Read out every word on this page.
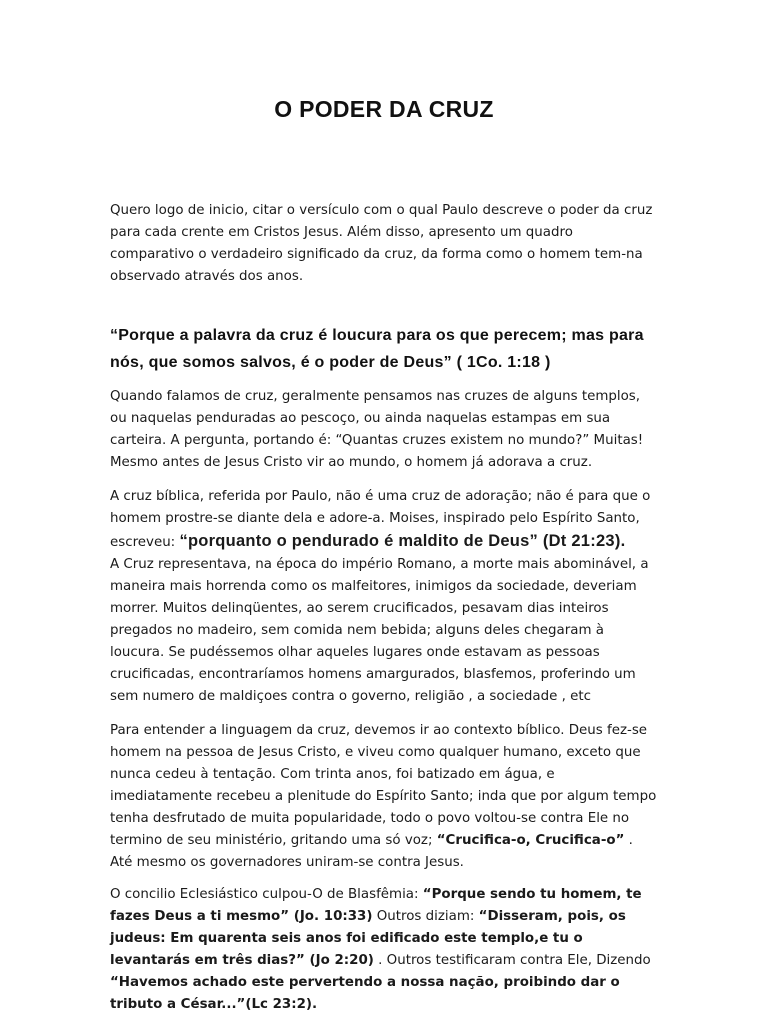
O PODER DA CRUZ

Quero logo de inicio, citar o versículo com o qual Paulo descreve o poder da cruz para cada crente em Cristos Jesus. Além disso, apresento um quadro comparativo o verdadeiro significado da cruz, da forma como o homem tem-na observado através dos anos.

“Porque a palavra da cruz é loucura para os que perecem; mas para nós, que somos salvos, é o poder de Deus” ( 1Co. 1:18 )

Quando falamos de cruz, geralmente pensamos nas cruzes de alguns templos, ou naquelas penduradas ao pescoço, ou ainda naquelas estampas em sua carteira. A pergunta, portando é: “Quantas cruzes existem no mundo?” Muitas! Mesmo antes de Jesus Cristo vir ao mundo, o homem já adorava a cruz.

A cruz bíblica, referida por Paulo, não é uma cruz de adoração; não é para que o homem prostre-se diante dela e adore-a. Moises, inspirado pelo Espírito Santo, escreveu: “porquanto o pendurado é maldito de Deus” (Dt 21:23).
A Cruz representava, na época do império Romano, a morte mais abominável, a maneira mais horrenda como os malfeitores, inimigos da sociedade, deveriam morrer. Muitos delinqüentes, ao serem crucificados, pesavam dias inteiros pregados no madeiro, sem comida nem bebida; alguns deles chegaram à loucura. Se pudéssemos olhar aqueles lugares onde estavam as pessoas crucificadas, encontraríamos homens amargurados, blasfemos, proferindo um sem numero de maldiçoes contra o governo, religião , a sociedade , etc

Para entender a linguagem da cruz, devemos ir ao contexto bíblico. Deus fez-se homem na pessoa de Jesus Cristo, e viveu como qualquer humano, exceto que nunca cedeu à tentação. Com trinta anos, foi batizado em água, e imediatamente recebeu a plenitude do Espírito Santo; inda que por algum tempo tenha desfrutado de muita popularidade, todo o povo voltou-se contra Ele no termino de seu ministério, gritando uma só voz; “Crucifica-o, Crucifica-o” . Até mesmo os governadores uniram-se contra Jesus.

O concilio Eclesiástico culpou-O de Blasfêmia: “Porque sendo tu homem, te fazes Deus a ti mesmo” (Jo. 10:33) Outros diziam: “Disseram, pois, os judeus: Em quarenta seis anos foi edificado este templo,e tu o levantarás em três dias?” (Jo 2:20) . Outros testificaram contra Ele, Dizendo “Havemos achado este pervertendo a nossa nação, proibindo dar o tributo a César...”(Lc 23:2).
